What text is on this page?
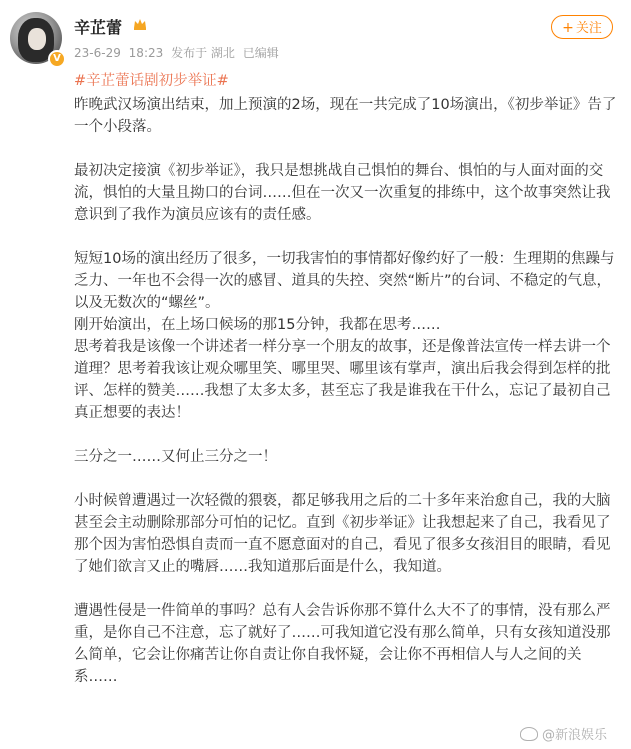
V
辛芷蕾
23-6-29 18:23 发布于 湖北 已编辑
+ 关注

#辛芷蕾话剧初步举证#

昨晚武汉场演出结束，加上预演的2场，现在一共完成了10场演出，《初步举证》告了一个小段落。

最初决定接演《初步举证》，我只是想挑战自己惧怕的舞台、惧怕的与人面对面的交流，惧怕的大量且拗口的台词……但在一次又一次重复的排练中，这个故事突然让我意识到了我作为演员应该有的责任感。

短短10场的演出经历了很多，一切我害怕的事情都好像约好了一般：生理期的焦躁与乏力、一年也不会得一次的感冒、道具的失控、突然“断片”的台词、不稳定的气息，以及无数次的“螺丝”。

刚开始演出，在上场口候场的那15分钟，我都在思考……

思考着我是该像一个讲述者一样分享一个朋友的故事，还是像普法宣传一样去讲一个道理？思考着我该让观众哪里笑、哪里哭、哪里该有掌声，演出后我会得到怎样的批评、怎样的赞美……我想了太多太多，甚至忘了我是谁我在干什么，忘记了最初自己真正想要的表达！

三分之一……又何止三分之一！

小时候曾遭遇过一次轻微的猥亵，都足够我用之后的二十多年来治愈自己，我的大脑甚至会主动删除那部分可怕的记忆。直到《初步举证》让我想起来了自己，我看见了那个因为害怕恐惧自责而一直不愿意面对的自己，看见了很多女孩泪目的眼睛，看见了她们欲言又止的嘴唇……我知道那后面是什么，我知道。

遭遇性侵是一件简单的事吗？总有人会告诉你那不算什么大不了的事情，没有那么严重，是你自己不注意，忘了就好了……可我知道它没有那么简单，只有女孩知道没那么简单，它会让你痛苦让你自责让你自我怀疑，会让你不再相信人与人之间的关系……

@新浪娱乐
